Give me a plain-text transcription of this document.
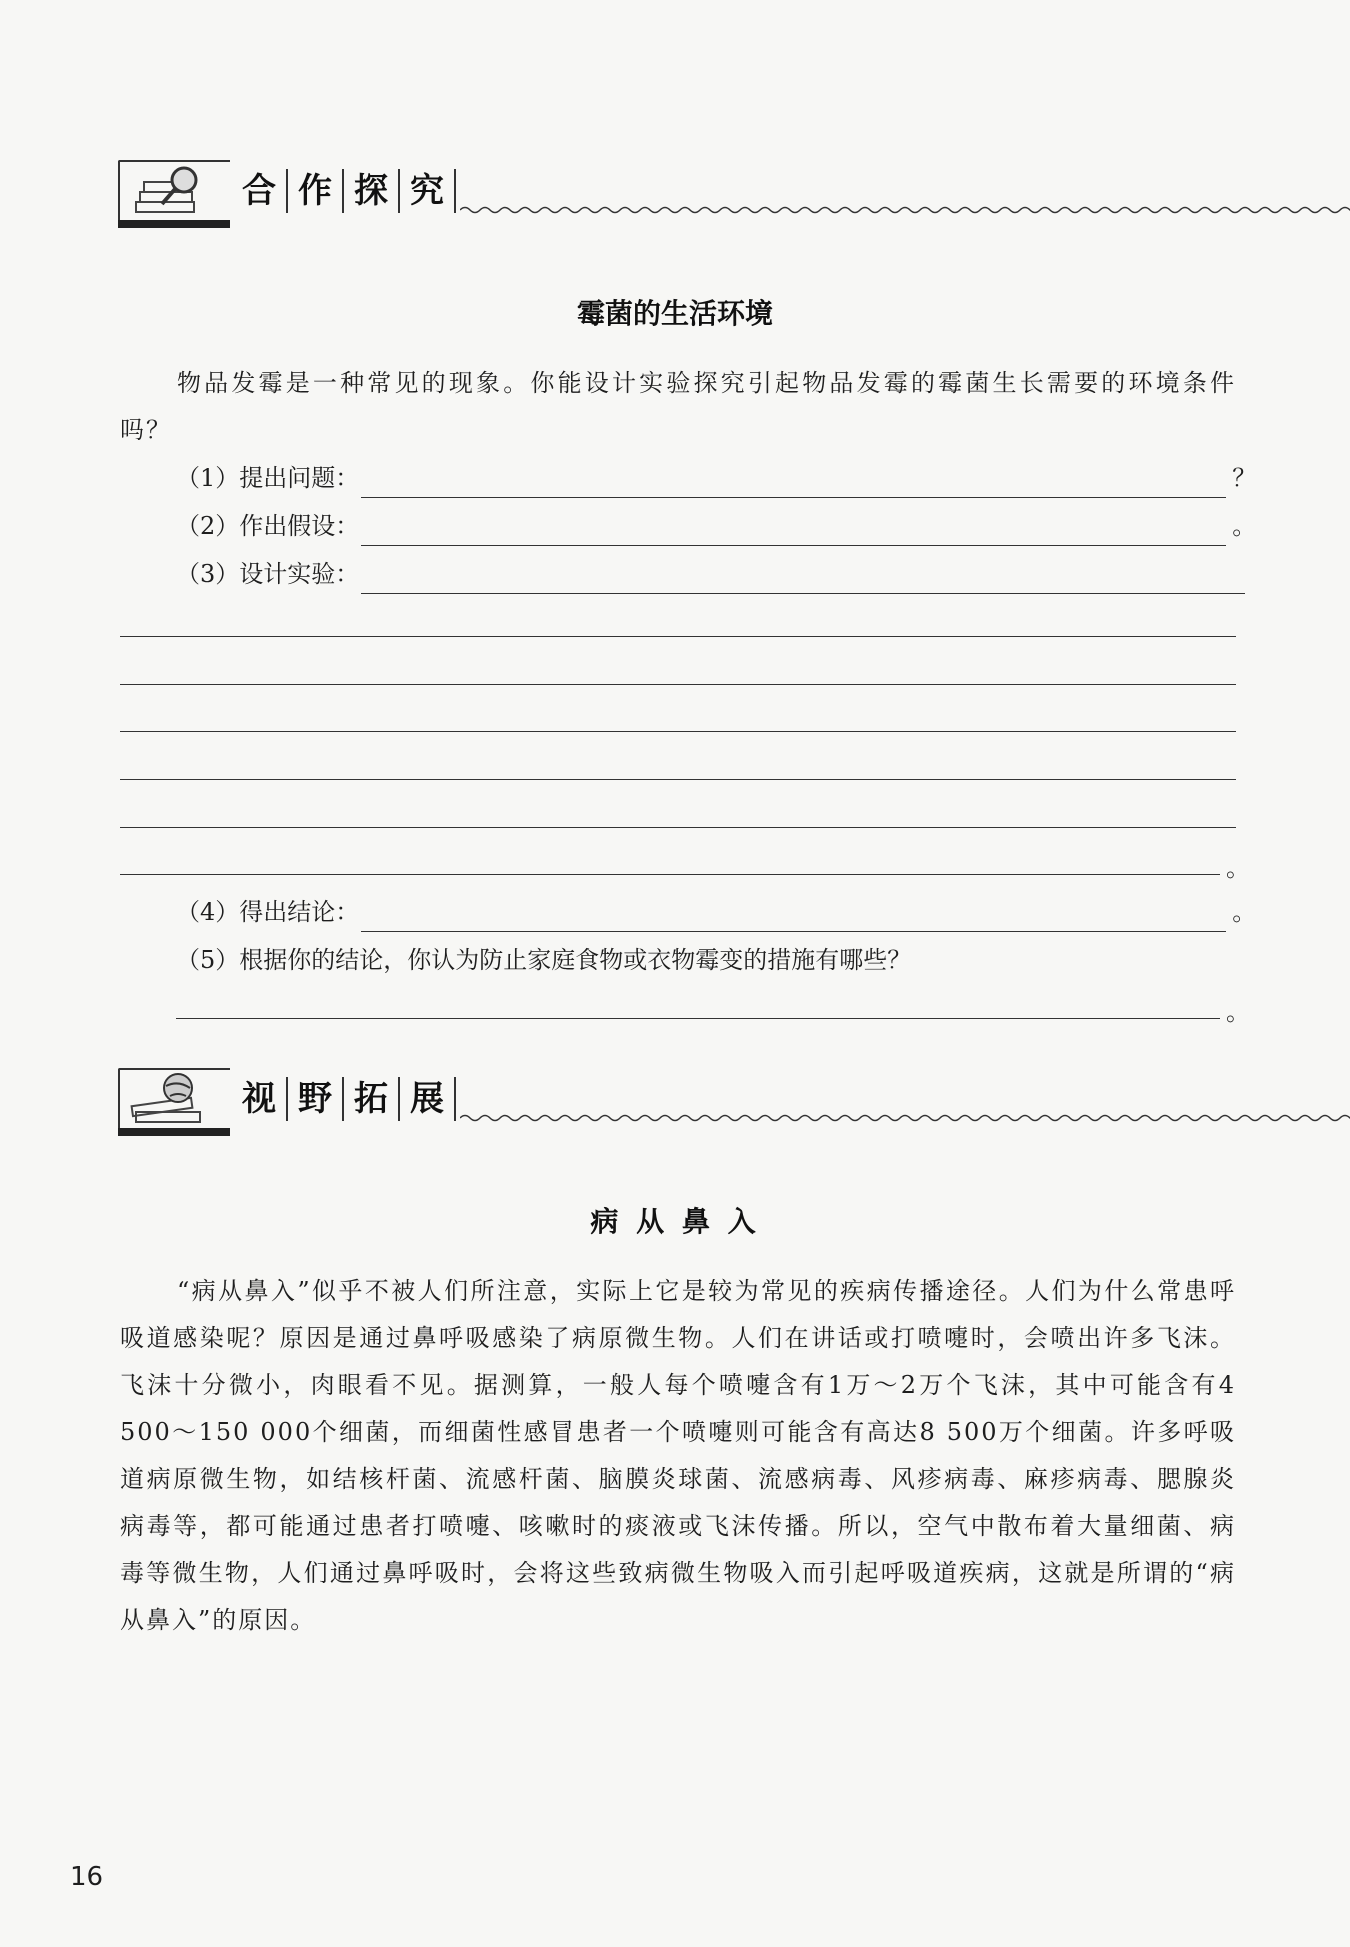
合 作 探 究
霉菌的生活环境

物品发霉是一种常见的现象。你能设计实验探究引起物品发霉的霉菌生长需要的环境条件吗？

（1）提出问题：	？
（2）作出假设：	。
（3）设计实验：
。
（4）得出结论：	。
（5）根据你的结论，你认为防止家庭食物或衣物霉变的措施有哪些？
。
视 野 拓 展
病 从 鼻 入

“病从鼻入”似乎不被人们所注意，实际上它是较为常见的疾病传播途径。人们为什么常患呼吸道感染呢？原因是通过鼻呼吸感染了病原微生物。人们在讲话或打喷嚏时，会喷出许多飞沫。飞沫十分微小，肉眼看不见。据测算，一般人每个喷嚏含有1万～2万个飞沫，其中可能含有4 500～150 000个细菌，而细菌性感冒患者一个喷嚏则可能含有高达8 500万个细菌。许多呼吸道病原微生物，如结核杆菌、流感杆菌、脑膜炎球菌、流感病毒、风疹病毒、麻疹病毒、腮腺炎病毒等，都可能通过患者打喷嚏、咳嗽时的痰液或飞沫传播。所以，空气中散布着大量细菌、病毒等微生物，人们通过鼻呼吸时，会将这些致病微生物吸入而引起呼吸道疾病，这就是所谓的“病从鼻入”的原因。

16
